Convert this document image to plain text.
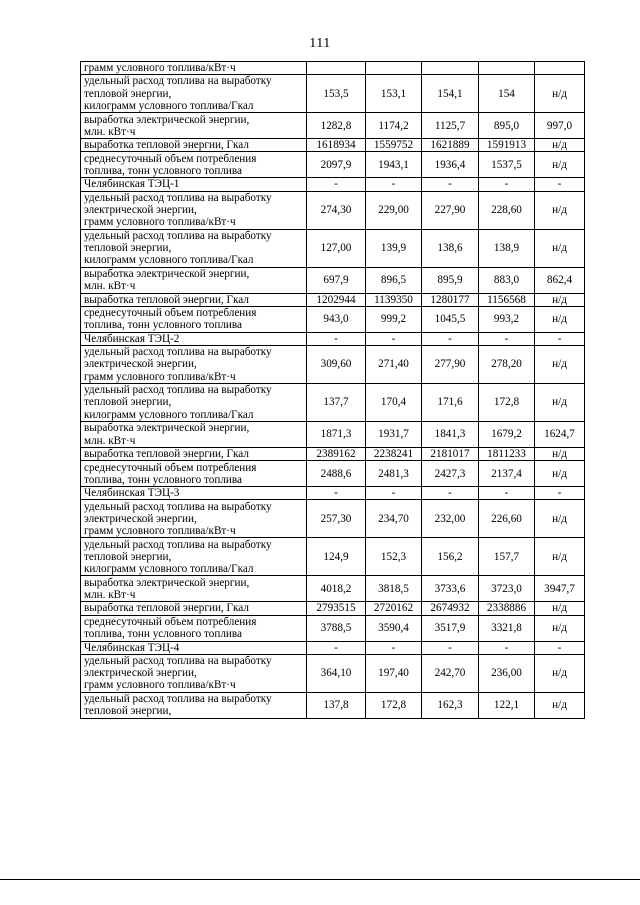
111
грамм условного топлива/кВт·ч					

удельный расход топлива на выработку
тепловой энергии,
килограмм условного топлива/Гкал	153,5	153,1	154,1	154	н/д

выработка электрической энергии,
млн. кВт·ч	1282,8	1174,2	1125,7	895,0	997,0

выработка тепловой энергии, Гкал	1618934	1559752	1621889	1591913	н/д

среднесуточный объем потребления
топлива, тонн условного топлива	2097,9	1943,1	1936,4	1537,5	н/д

Челябинская ТЭЦ-1	-	-	-	-	-

удельный расход топлива на выработку
электрической энергии,
грамм условного топлива/кВт·ч	274,30	229,00	227,90	228,60	н/д

удельный расход топлива на выработку
тепловой энергии,
килограмм условного топлива/Гкал	127,00	139,9	138,6	138,9	н/д

выработка электрической энергии,
млн. кВт·ч	697,9	896,5	895,9	883,0	862,4

выработка тепловой энергии, Гкал	1202944	1139350	1280177	1156568	н/д

среднесуточный объем потребления
топлива, тонн условного топлива	943,0	999,2	1045,5	993,2	н/д

Челябинская ТЭЦ-2	-	-	-	-	-

удельный расход топлива на выработку
электрической энергии,
грамм условного топлива/кВт·ч	309,60	271,40	277,90	278,20	н/д

удельный расход топлива на выработку
тепловой энергии,
килограмм условного топлива/Гкал	137,7	170,4	171,6	172,8	н/д

выработка электрической энергии,
млн. кВт·ч	1871,3	1931,7	1841,3	1679,2	1624,7

выработка тепловой энергии, Гкал	2389162	2238241	2181017	1811233	н/д

среднесуточный объем потребления
топлива, тонн условного топлива	2488,6	2481,3	2427,3	2137,4	н/д

Челябинская ТЭЦ-3	-	-	-	-	-

удельный расход топлива на выработку
электрической энергии,
грамм условного топлива/кВт·ч	257,30	234,70	232,00	226,60	н/д

удельный расход топлива на выработку
тепловой энергии,
килограмм условного топлива/Гкал	124,9	152,3	156,2	157,7	н/д

выработка электрической энергии,
млн. кВт·ч	4018,2	3818,5	3733,6	3723,0	3947,7

выработка тепловой энергии, Гкал	2793515	2720162	2674932	2338886	н/д

среднесуточный объем потребления
топлива, тонн условного топлива	3788,5	3590,4	3517,9	3321,8	н/д

Челябинская ТЭЦ-4	-	-	-	-	-

удельный расход топлива на выработку
электрической энергии,
грамм условного топлива/кВт·ч	364,10	197,40	242,70	236,00	н/д

удельный расход топлива на выработку
тепловой энергии,	137,8	172,8	162,3	122,1	н/д
